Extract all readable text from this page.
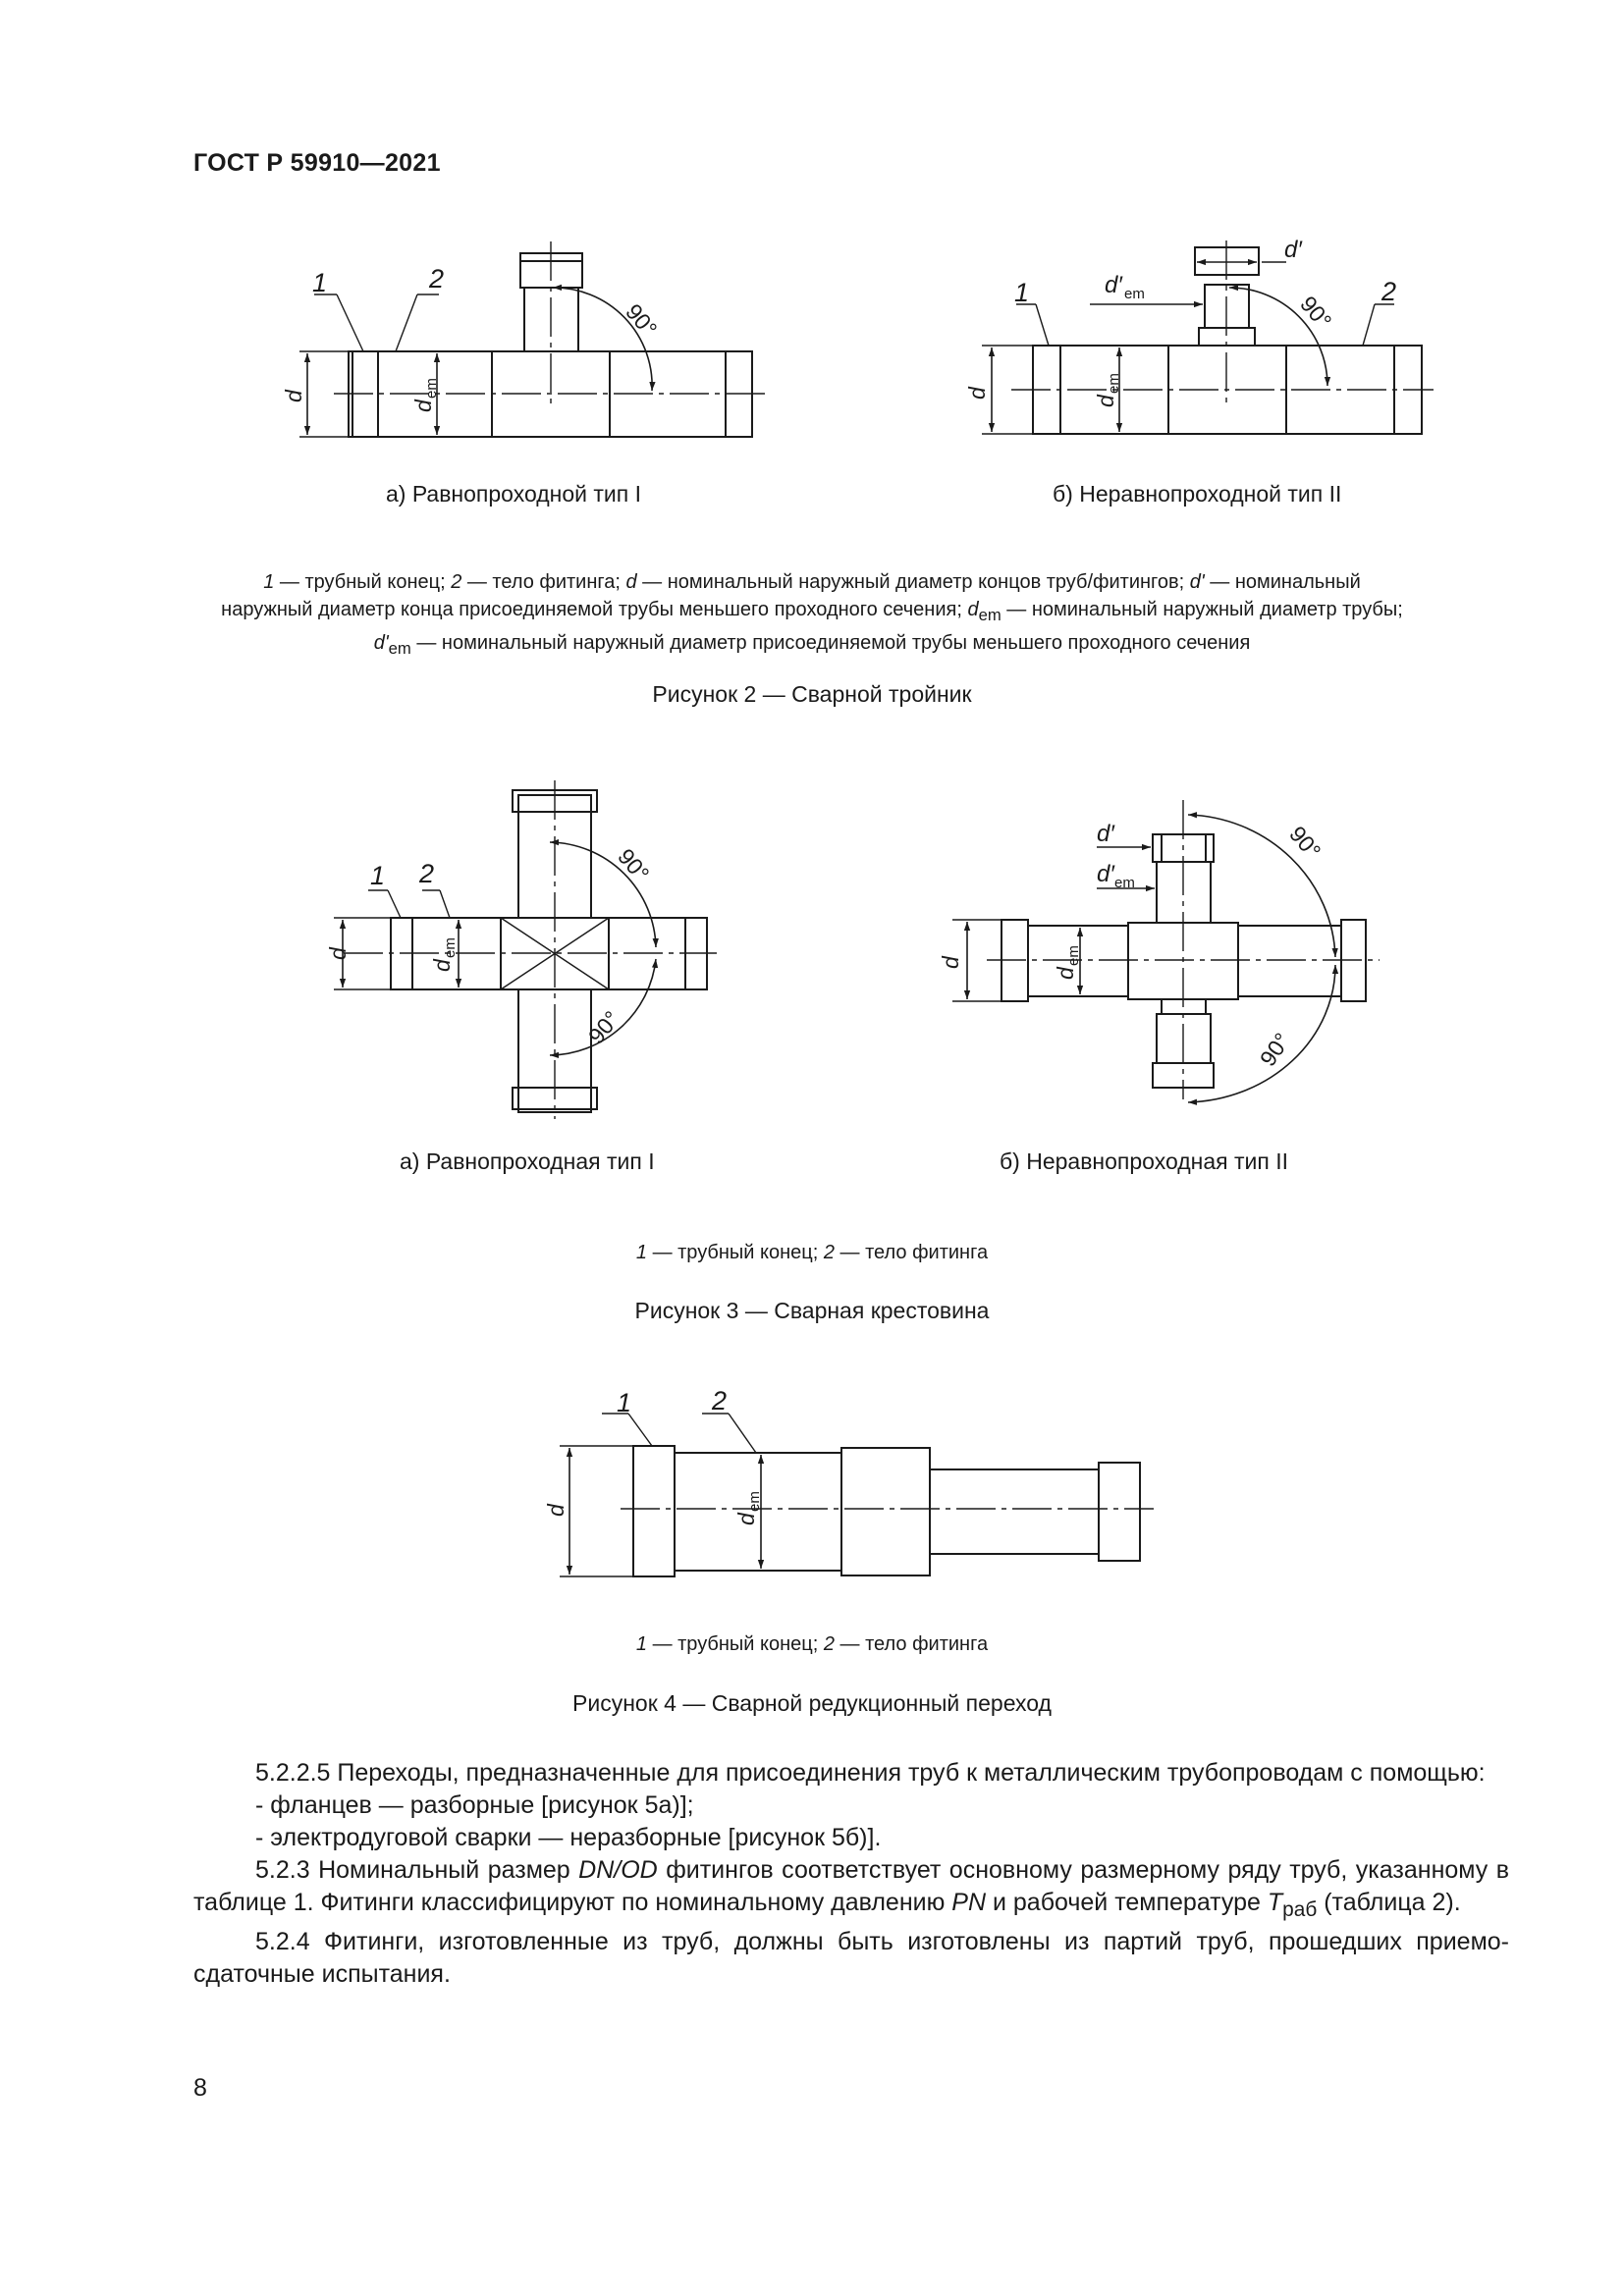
ГОСТ Р 59910—2021
1	2
d
d
em
90°
1	2
d
d
em
d′
d′ em	90°
1 2
d
d
em
90°
90°
d
d
em
d′
d′ em
90°
90°
1	2
d
d
em
а) Равнопроходной тип I	б) Неравнопроходной тип II
1 — трубный конец; 2 — тело фитинга; d — номинальный наружный диаметр концов труб/фитингов; d' — номинальный
наружный диаметр конца присоединяемой трубы меньшего проходного сечения; $d_{em}$ — номинальный наружный диаметр трубы;
$d'_{em}$ — номинальный наружный диаметр присоединяемой трубы меньшего проходного сечения
Рисунок 2 — Сварной тройник
а) Равнопроходная тип I	б) Неравнопроходная тип II
1 — трубный конец; 2 — тело фитинга
Рисунок 3 — Сварная крестовина
1 — трубный конец; 2 — тело фитинга
Рисунок 4 — Сварной редукционный переход

5.2.2.5 Переходы, предназначенные для присоединения труб к металлическим трубопроводам с помощью:

- фланцев — разборные [рисунок 5а)];

- электродуговой сварки — неразборные [рисунок 5б)].

5.2.3 Номинальный размер DN/OD фитингов соответствует основному размерному ряду труб, указанному в таблице 1. Фитинги классифицируют по номинальному давлению PN и рабочей температуре $T_{раб}$ (таблица 2).

5.2.4 Фитинги, изготовленные из труб, должны быть изготовлены из партий труб, прошедших приемо-сдаточные испытания.

8
